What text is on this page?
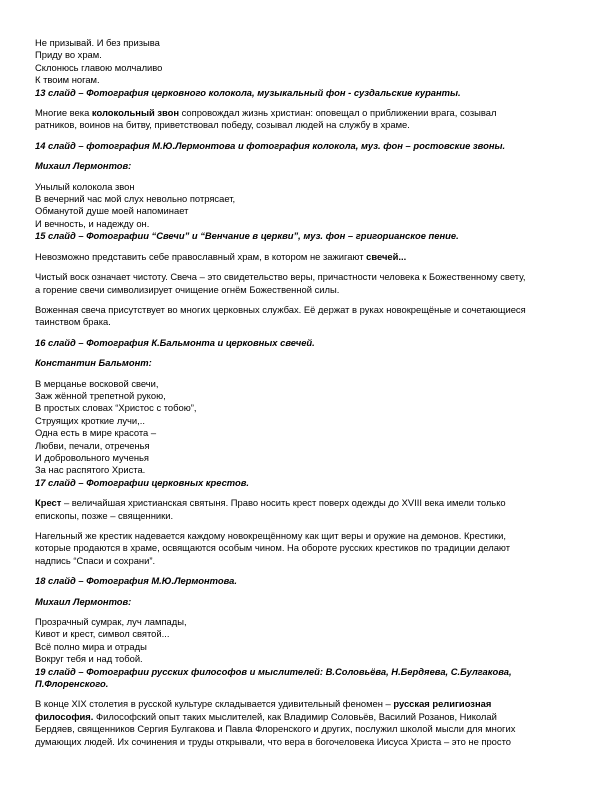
Не призывай. И без призыва
Приду во храм.
Склонюсь главою молчаливо
К твоим ногам.
13 слайд – Фотография церковного колокола, музыкальный фон - суздальские куранты.
Многие века колокольный звон сопровождал жизнь христиан: оповещал о приближении врага, созывал
ратников, воинов на битву, приветствовал победу, созывал людей на службу в храме.
14 слайд – фотография М.Ю.Лермонтова и фотография колокола, муз. фон – ростовские звоны.
Михаил Лермонтов:
Унылый колокола звон
В вечерний час мой слух невольно потрясает,
Обманутой душе моей напоминает
И вечность, и надежду он.
15 слайд – Фотографии “Свечи” и “Венчание в церкви”, муз. фон – григорианское пение.
Невозможно представить себе православный храм, в котором не зажигают свечей...
Чистый воск означает чистоту. Свеча – это свидетельство веры, причастности человека к Божественному свету,
а горение свечи символизирует очищение огнём Божественной силы.
Воженная свеча присутствует во многих церковных службах. Её держат в руках новокрещёные и сочетающиеся
таинством брака.
16 слайд – Фотография К.Бальмонта и церковных свечей.
Константин Бальмонт:
В мерцанье восковой свечи,
Заж жённой трепетной рукою,
В простых словах “Христос с тобою”,
Струящих кроткие лучи,..
Одна есть в мире красота –
Любви, печали, отреченья
И добровольного мученья
За нас распятого Христа.
17 слайд – Фотографии церковных крестов.
Крест – величайшая христианская святыня. Право носить крест поверх одежды до XVIII века имели только
епископы, позже – священники.
Нагельный же крестик надевается каждому новокрещённому как щит веры и оружие на демонов. Крестики,
которые продаются в храме, освящаются особым чином. На обороте русских крестиков по традиции делают
надпись “Спаси и сохрани”.
18 слайд – Фотография М.Ю.Лермонтова.
Михаил Лермонтов:
Прозрачный сумрак, луч лампады,
Кивот и крест, символ святой...
Всё полно мира и отрады
Вокруг тебя и над тобой.
19 слайд – Фотографии русских философов и мыслителей: В.Соловьёва, Н.Бердяева, С.Булгакова,
П.Флоренского.
В конце XIX столетия в русской культуре складывается удивительный феномен – русская религиозная
философия. Философский опыт таких мыслителей, как Владимир Соловьёв, Василий Розанов, Николай
Бердяев, священников Сергия Булгакова и Павла Флоренского и других, послужил школой мысли для многих
думающих людей. Их сочинения и труды открывали, что вера в богочеловека Иисуса Христа – это не просто
